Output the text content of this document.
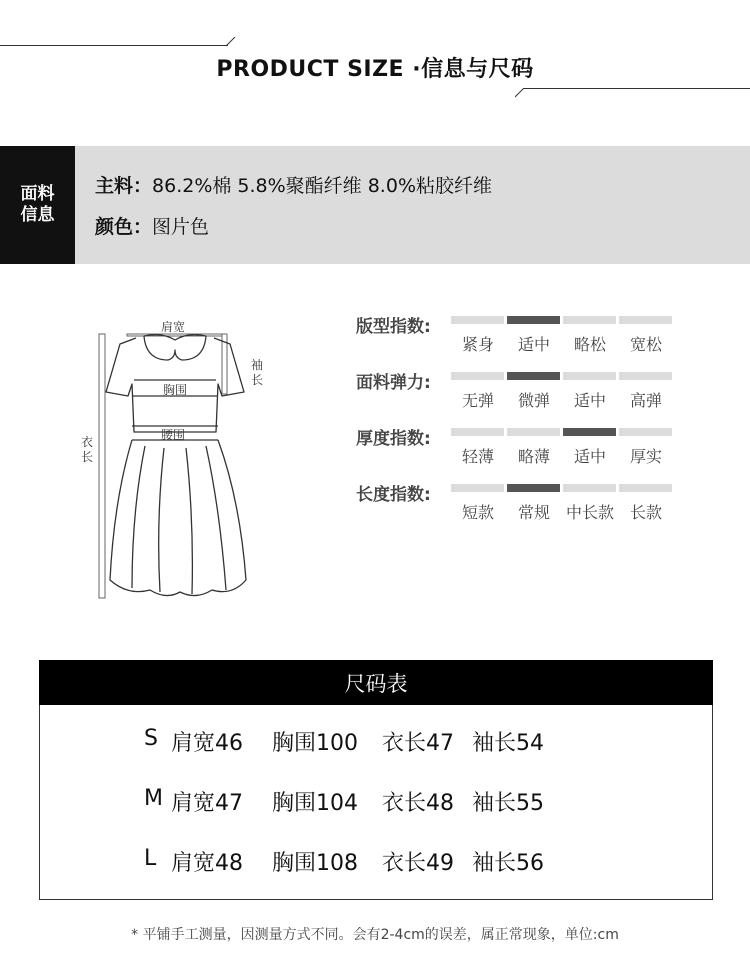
PRODUCT SIZE ·信息与尺码
面料
信息
主料：86.2%棉 5.8%聚酯纤维 8.0%粘胶纤维
颜色：图片色
肩宽
胸围
腰围
袖
长
衣
长
版型指数:
紧身	适中	略松	宽松
面料弹力:
无弹	微弹	适中	高弹
厚度指数:
轻薄	略薄	适中	厚实
长度指数:
短款	常规 中长款 长款
尺码表
S 肩宽46 胸围100 衣长47 袖长54
M 肩宽47 胸围104 衣长48 袖长55
L 肩宽48 胸围108 衣长49 袖长56
* 平铺手工测量，因测量方式不同。会有2-4cm的误差，属正常现象，单位:cm
